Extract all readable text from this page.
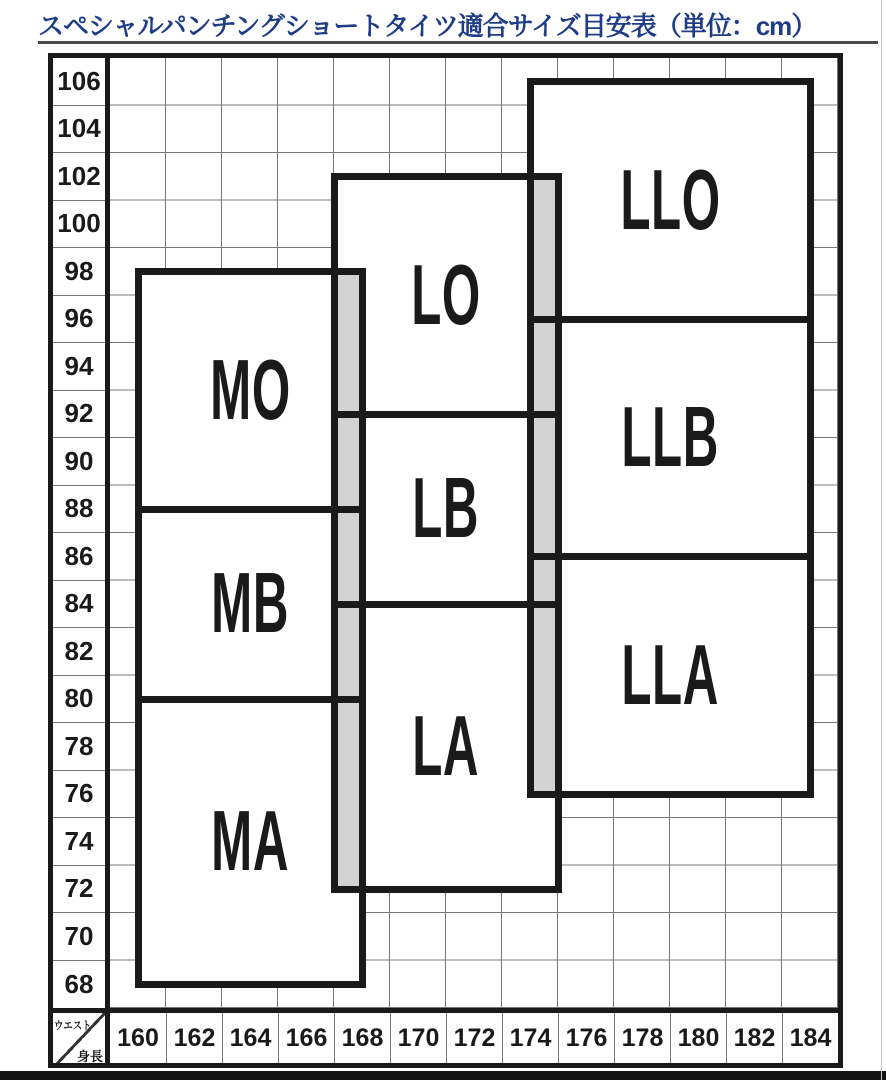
スペシャルパンチングショートタイツ適合サイズ目安表（単位：cm）
106
104
102
100
98
96
94
92
90
88
86
84
82
80
78
76
74
72
70
68
MA
MB
MO
LA
LB
LO
LLA
LLB
LLO
160 162 164 166 168 170 172 174 176 178 180 182 184
ウエスト
身長
